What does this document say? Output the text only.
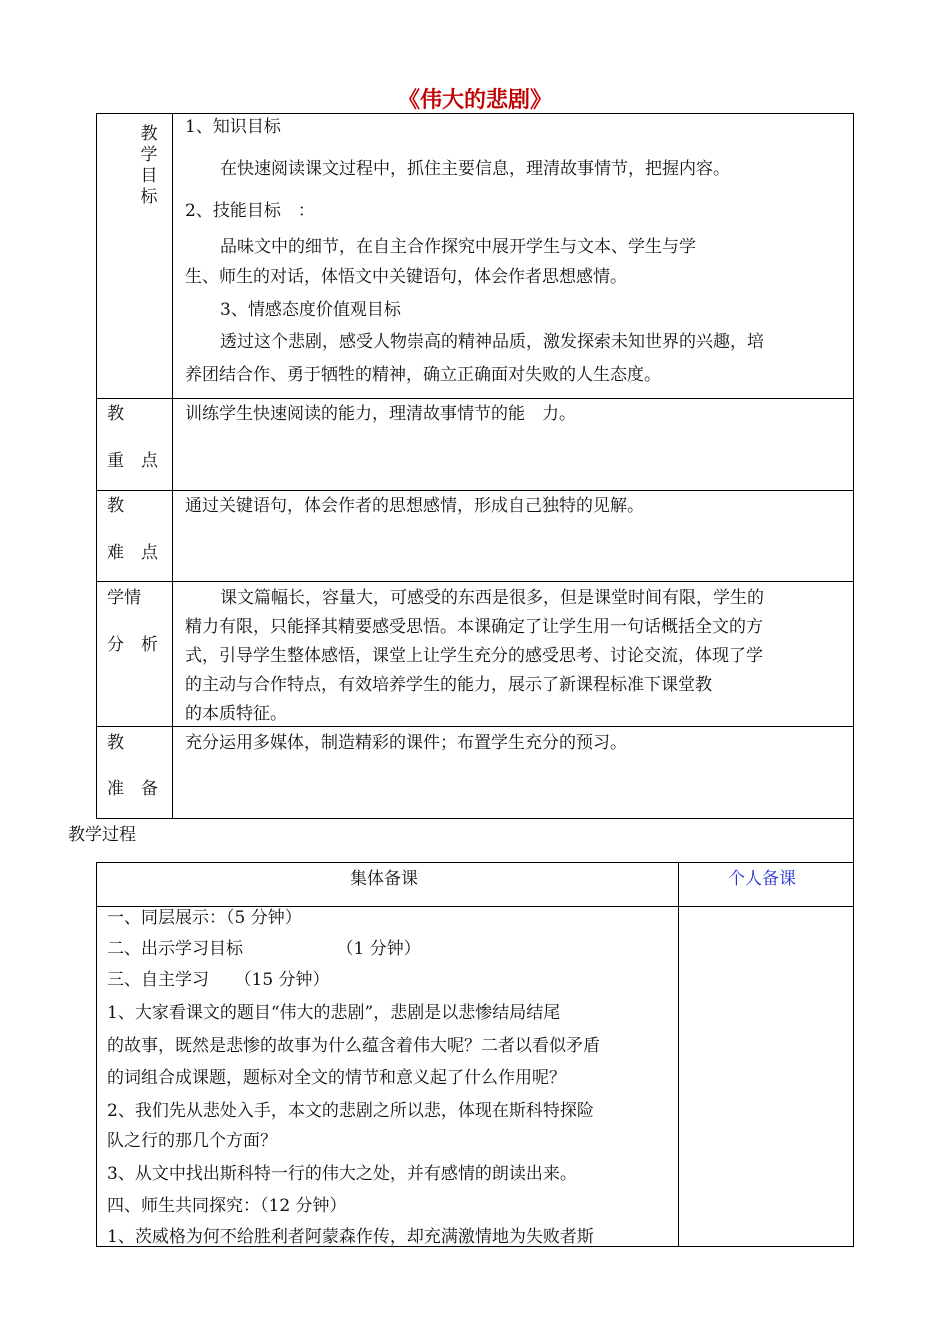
《伟大的悲剧》
教学目标
1、知识目标
在快速阅读课文过程中，抓住主要信息，理清故事情节，把握内容。
2、技能目标　：
品味文中的细节，在自主合作探究中展开学生与文本、学生与学
生、师生的对话，体悟文中关键语句，体会作者思想感情。
3、情感态度价值观目标
透过这个悲剧，感受人物崇高的精神品质，激发探索未知世界的兴趣，培
养团结合作、勇于牺牲的精神，确立正确面对失败的人生态度。
教
重　点
训练学生快速阅读的能力，理清故事情节的能　力。
教
难　点
通过关键语句，体会作者的思想感情，形成自己独特的见解。
学情
分　析
课文篇幅长，容量大，可感受的东西是很多，但是课堂时间有限，学生的
精力有限，只能择其精要感受思悟。本课确定了让学生用一句话概括全文的方
式，引导学生整体感悟，课堂上让学生充分的感受思考、讨论交流，体现了学
的主动与合作特点，有效培养学生的能力，展示了新课程标准下课堂教
的本质特征。
教
准　备
充分运用多媒体，制造精彩的课件；布置学生充分的预习。
教学过程
集体备课	个人备课
一、同层展示：（5 分钟）
二、出示学习目标　　　　　　（1 分钟）
三、自主学习　　（15 分钟）
1、大家看课文的题目“伟大的悲剧”，悲剧是以悲惨结局结尾
的故事，既然是悲惨的故事为什么蕴含着伟大呢？二者以看似矛盾
的词组合成课题，题标对全文的情节和意义起了什么作用呢？
2、我们先从悲处入手，本文的悲剧之所以悲，体现在斯科特探险
队之行的那几个方面？
3、从文中找出斯科特一行的伟大之处，并有感情的朗读出来。
四、师生共同探究：（12 分钟）
1、茨威格为何不给胜利者阿蒙森作传，却充满激情地为失败者斯
